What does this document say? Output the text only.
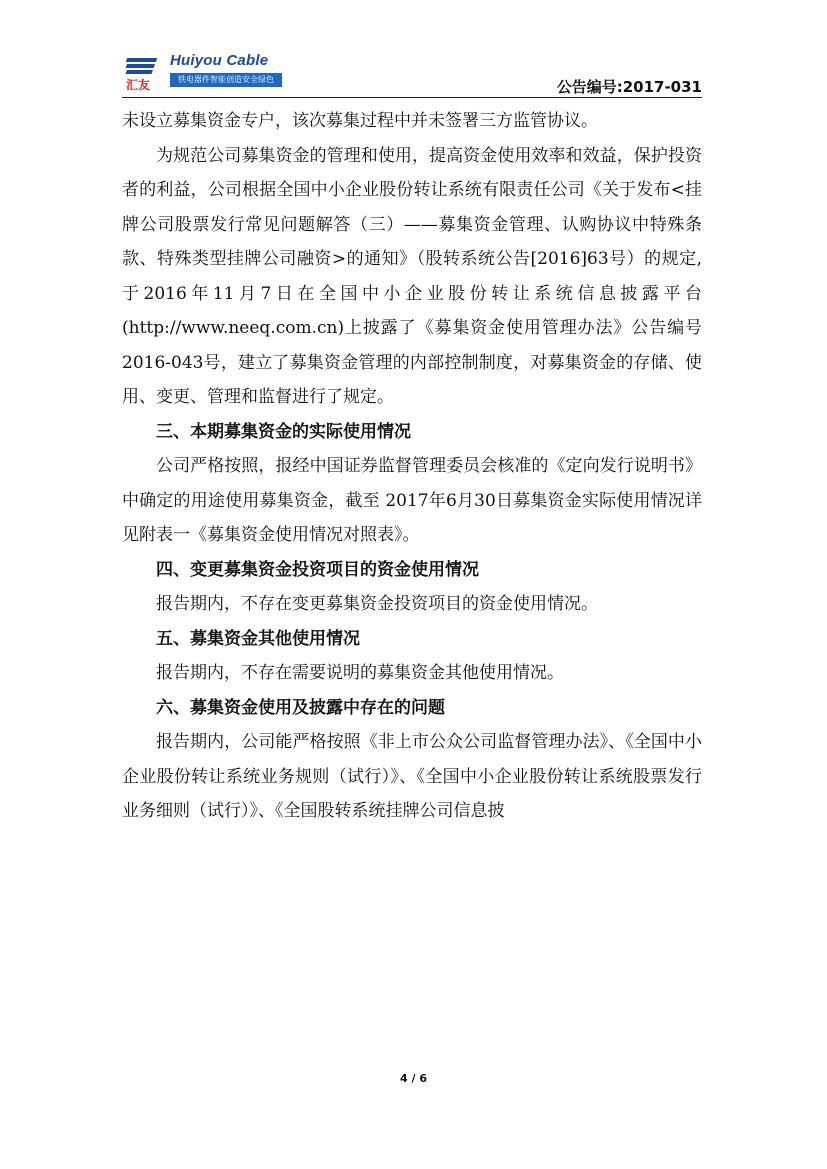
汇友
Huiyou Cable
铁电器件智能创造安全绿色	公告编号:2017-031

未设立募集资金专户，该次募集过程中并未签署三方监管协议。

为规范公司募集资金的管理和使用，提高资金使用效率和效益，保护投资者的利益，公司根据全国中小企业股份转让系统有限责任公司《关于发布<挂牌公司股票发行常见问题解答（三）——募集资金管理、认购协议中特殊条款、特殊类型挂牌公司融资>的通知》（股转系统公告[2016]63号）的规定,于2016年11月7日在全国中小企业股份转让系统信息披露平台(http://www.neeq.com.cn)上披露了《募集资金使用管理办法》公告编号2016-043号，建立了募集资金管理的内部控制制度，对募集资金的存储、使用、变更、管理和监督进行了规定。

三、本期募集资金的实际使用情况

公司严格按照，报经中国证券监督管理委员会核准的《定向发行说明书》中确定的用途使用募集资金，截至 2017年6月30日募集资金实际使用情况详见附表一《募集资金使用情况对照表》。

四、变更募集资金投资项目的资金使用情况

报告期内，不存在变更募集资金投资项目的资金使用情况。

五、募集资金其他使用情况

报告期内，不存在需要说明的募集资金其他使用情况。

六、募集资金使用及披露中存在的问题

报告期内，公司能严格按照《非上市公众公司监督管理办法》、《全国中小企业股份转让系统业务规则（试行）》、《全国中小企业股份转让系统股票发行业务细则（试行）》、《全国股转系统挂牌公司信息披

4 / 6
